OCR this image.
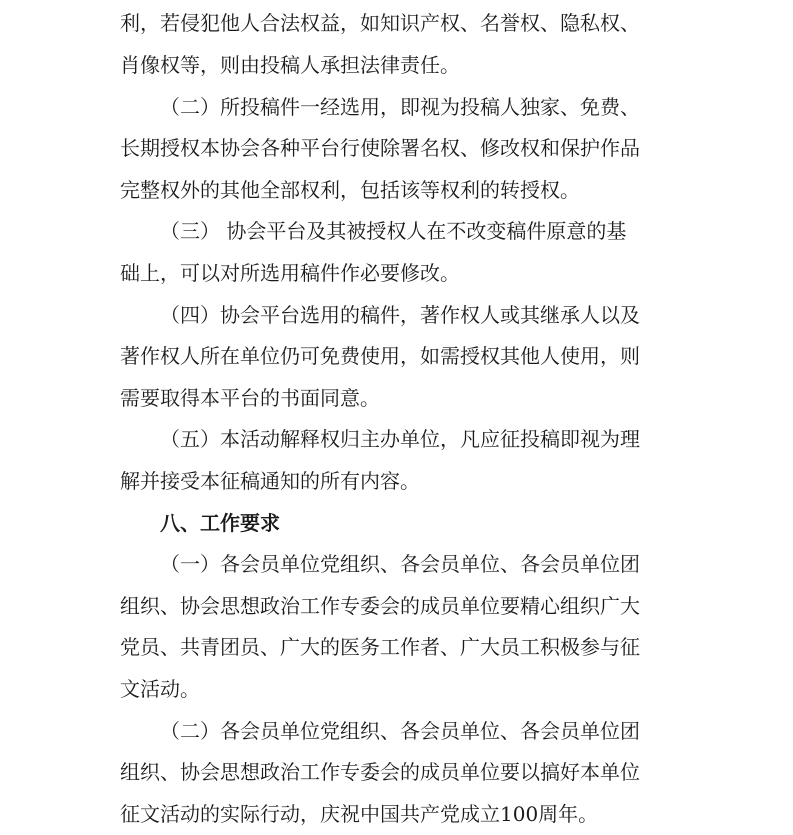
利，若侵犯他人合法权益，如知识产权、名誉权、隐私权、
肖像权等，则由投稿人承担法律责任。
（二）所投稿件一经选用，即视为投稿人独家、免费、
长期授权本协会各种平台行使除署名权、修改权和保护作品
完整权外的其他全部权利，包括该等权利的转授权。
（三） 协会平台及其被授权人在不改变稿件原意的基
础上，可以对所选用稿件作必要修改。
（四）协会平台选用的稿件，著作权人或其继承人以及
著作权人所在单位仍可免费使用，如需授权其他人使用，则
需要取得本平台的书面同意。
（五）本活动解释权归主办单位，凡应征投稿即视为理
解并接受本征稿通知的所有内容。
八、工作要求
（一）各会员单位党组织、各会员单位、各会员单位团
组织、协会思想政治工作专委会的成员单位要精心组织广大
党员、共青团员、广大的医务工作者、广大员工积极参与征
文活动。
（二）各会员单位党组织、各会员单位、各会员单位团
组织、协会思想政治工作专委会的成员单位要以搞好本单位
征文活动的实际行动，庆祝中国共产党成立100周年。
